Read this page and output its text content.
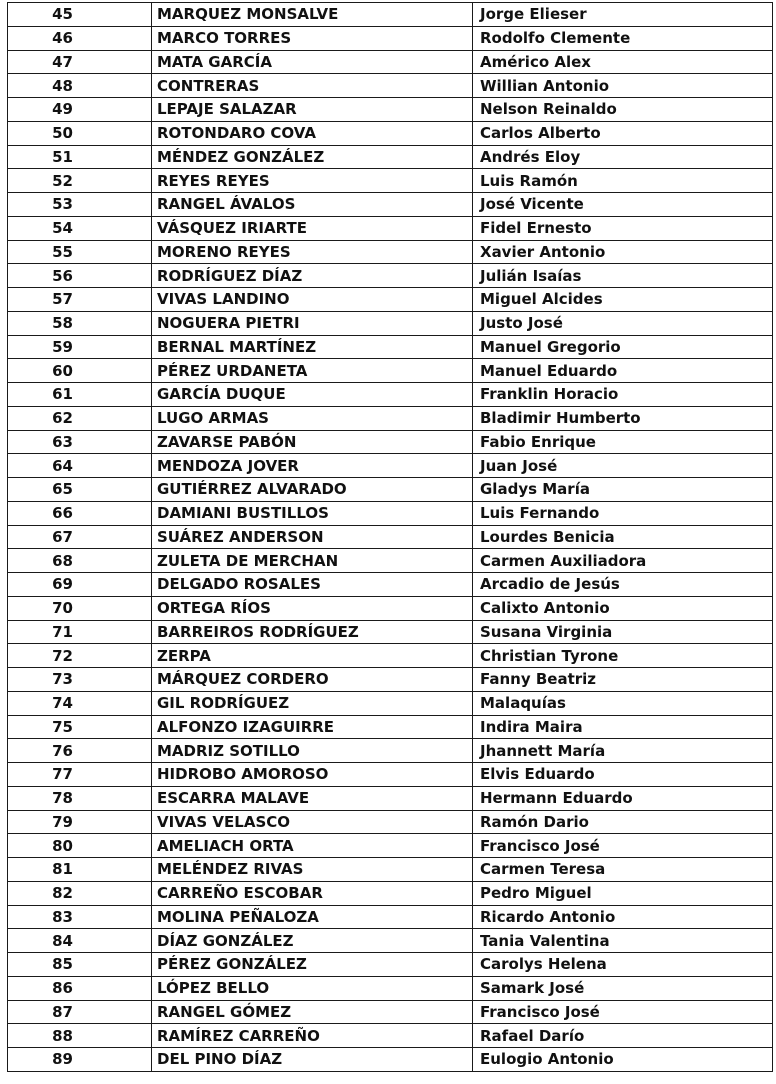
45	MARQUEZ MONSALVE	Jorge Elieser
46	MARCO TORRES	Rodolfo Clemente
47	MATA GARCÍA	Américo Alex
48	CONTRERAS	Willian Antonio
49	LEPAJE SALAZAR	Nelson Reinaldo
50	ROTONDARO COVA	Carlos Alberto
51	MÉNDEZ GONZÁLEZ	Andrés Eloy
52	REYES REYES	Luis Ramón
53	RANGEL ÁVALOS	José Vicente
54	VÁSQUEZ IRIARTE	Fidel Ernesto
55	MORENO REYES	Xavier Antonio
56	RODRÍGUEZ DÍAZ	Julián Isaías
57	VIVAS LANDINO	Miguel Alcides
58	NOGUERA PIETRI	Justo José
59	BERNAL MARTÍNEZ	Manuel Gregorio
60	PÉREZ URDANETA	Manuel Eduardo
61	GARCÍA DUQUE	Franklin Horacio
62	LUGO ARMAS	Bladimir Humberto
63	ZAVARSE PABÓN	Fabio Enrique
64	MENDOZA JOVER	Juan José
65	GUTIÉRREZ ALVARADO	Gladys María
66	DAMIANI BUSTILLOS	Luis Fernando
67	SUÁREZ ANDERSON	Lourdes Benicia
68	ZULETA DE MERCHAN	Carmen Auxiliadora
69	DELGADO ROSALES	Arcadio de Jesús
70	ORTEGA RÍOS	Calixto Antonio
71	BARREIROS RODRÍGUEZ	Susana Virginia
72	ZERPA	Christian Tyrone
73	MÁRQUEZ CORDERO	Fanny Beatriz
74	GIL RODRÍGUEZ	Malaquías
75	ALFONZO IZAGUIRRE	Indira Maira
76	MADRIZ SOTILLO	Jhannett María
77	HIDROBO AMOROSO	Elvis Eduardo
78	ESCARRA MALAVE	Hermann Eduardo
79	VIVAS VELASCO	Ramón Dario
80	AMELIACH ORTA	Francisco José
81	MELÉNDEZ RIVAS	Carmen Teresa
82	CARREÑO ESCOBAR	Pedro Miguel
83	MOLINA PEÑALOZA	Ricardo Antonio
84	DÍAZ GONZÁLEZ	Tania Valentina
85	PÉREZ GONZÁLEZ	Carolys Helena
86	LÓPEZ BELLO	Samark José
87	RANGEL GÓMEZ	Francisco José
88	RAMÍREZ CARREÑO	Rafael Darío
89	DEL PINO DÍAZ	Eulogio Antonio
